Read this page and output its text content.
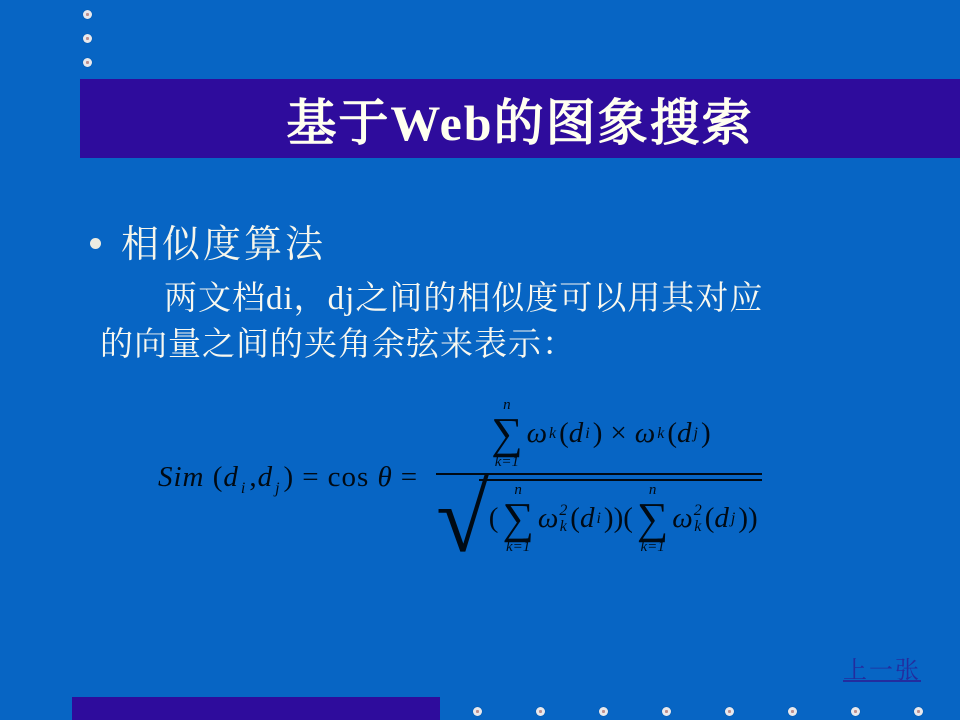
基于Web的图象搜索
相似度算法

两文档di，dj之间的相似度可以用其对应
的向量之间的夹角余弦来表示：

Sim (d $_i$ ,d $_j$ ) = cos θ =
n
∑
k=1
ω k ( d i ) × ω k ( d j )
√ (
n
∑
k=1
ω 2
k ( d i ) ) (
n
∑
k=1
ω 2
k ( d j ) )
上一张
